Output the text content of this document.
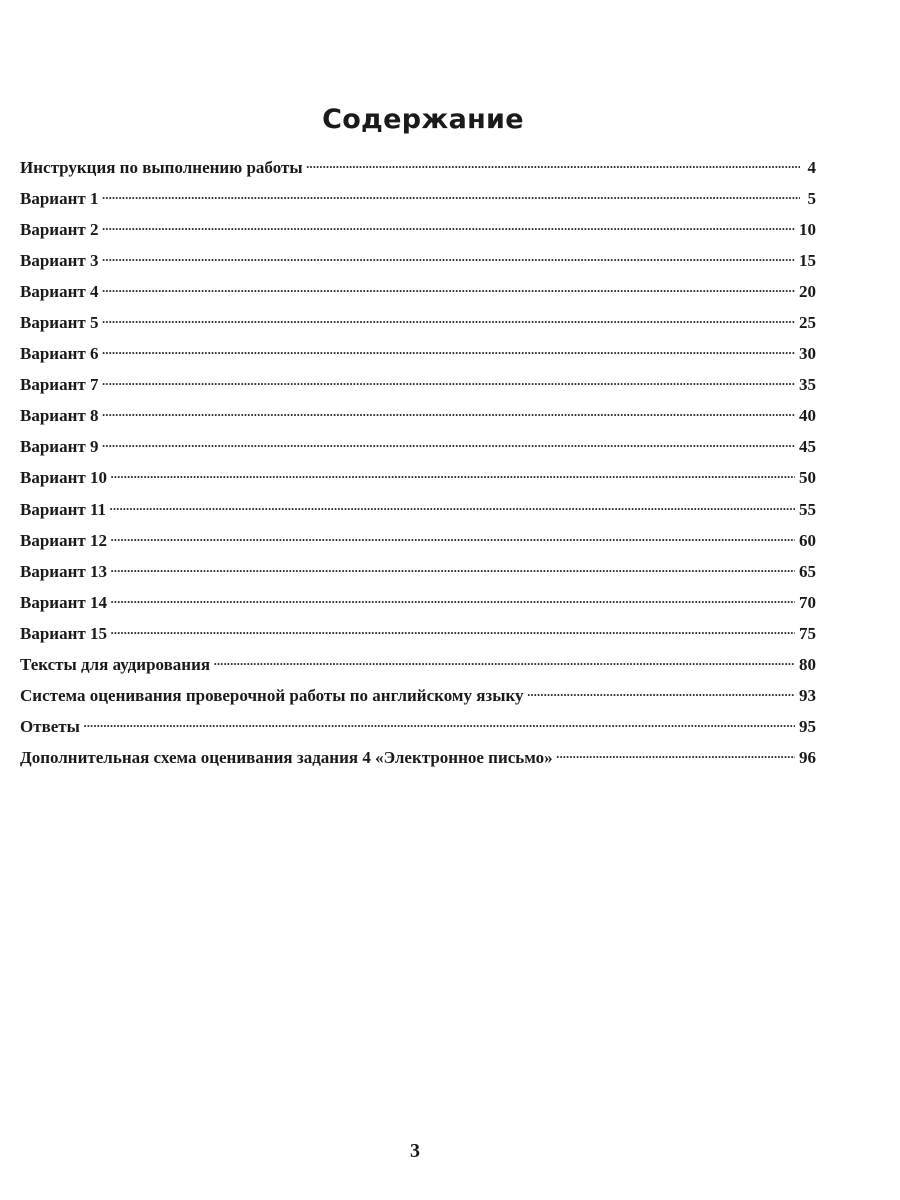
Содержание
Инструкция по выполнению работы . . .	4
Вариант 1 . . .	5
Вариант 2 . . .	10
Вариант 3 . . .	15
Вариант 4 . . .	20
Вариант 5 . . .	25
Вариант 6 . . .	30
Вариант 7 . . .	35
Вариант 8 . . .	40
Вариант 9 . . .	45
Вариант 10 . . .	50
Вариант 11 . . .	55
Вариант 12 . . .	60
Вариант 13 . . .	65
Вариант 14 . . .	70
Вариант 15 . . .	75
Тексты для аудирования . . .	80
Система оценивания проверочной работы по английскому языку . . .	93
Ответы . . .	95
Дополнительная схема оценивания задания 4 «Электронное письмо» . . .	96
3
